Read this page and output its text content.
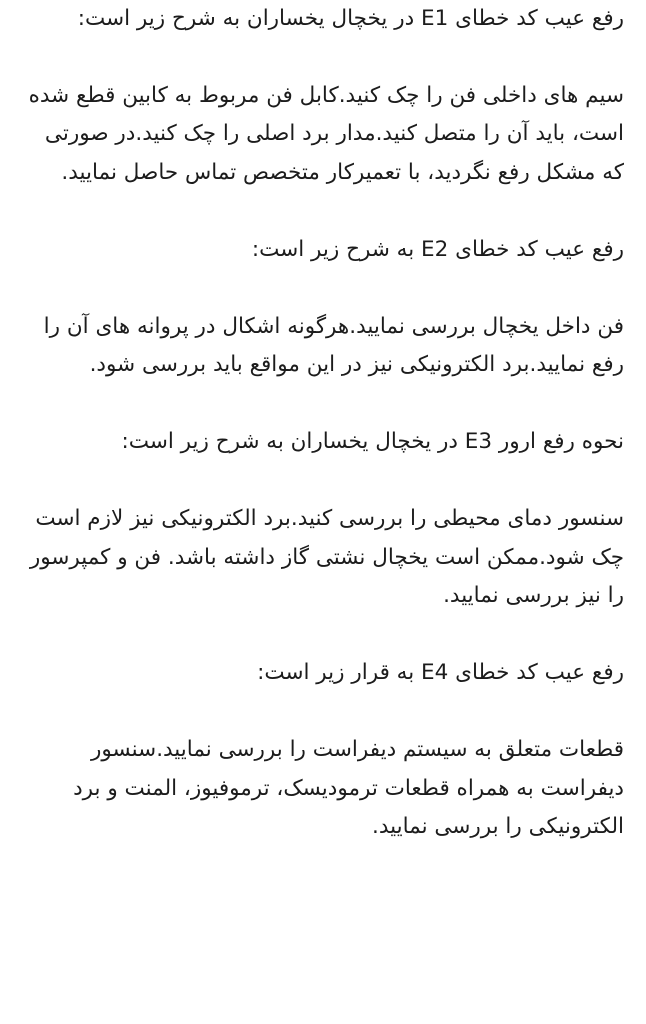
رفع عیب کد خطای E1 در یخچال یخساران به شرح زیر است:

سیم های داخلی فن را چک کنید.کابل فن مربوط به کابین قطع شده است، باید آن را متصل کنید.مدار برد اصلی را چک کنید.در صورتی که مشکل رفع نگردید، با تعمیرکار متخصص تماس حاصل نمایید.

رفع عیب کد خطای E2 به شرح زیر است:

فن داخل یخچال بررسی نمایید.هرگونه اشکال در پروانه های آن را رفع نمایید.برد الکترونیکی نیز در این مواقع باید بررسی شود.

نحوه رفع ارور E3 در یخچال یخساران به شرح زیر است:

سنسور دمای محیطی را بررسی کنید.برد الکترونیکی نیز لازم است چک شود.ممکن است یخچال نشتی گاز داشته باشد. فن و کمپرسور را نیز بررسی نمایید.

رفع عیب کد خطای E4 به قرار زیر است:

قطعات متعلق به سیستم دیفراست را بررسی نمایید.سنسور دیفراست به همراه قطعات ترمودیسک، ترموفیوز، المنت و برد الکترونیکی را بررسی نمایید.
